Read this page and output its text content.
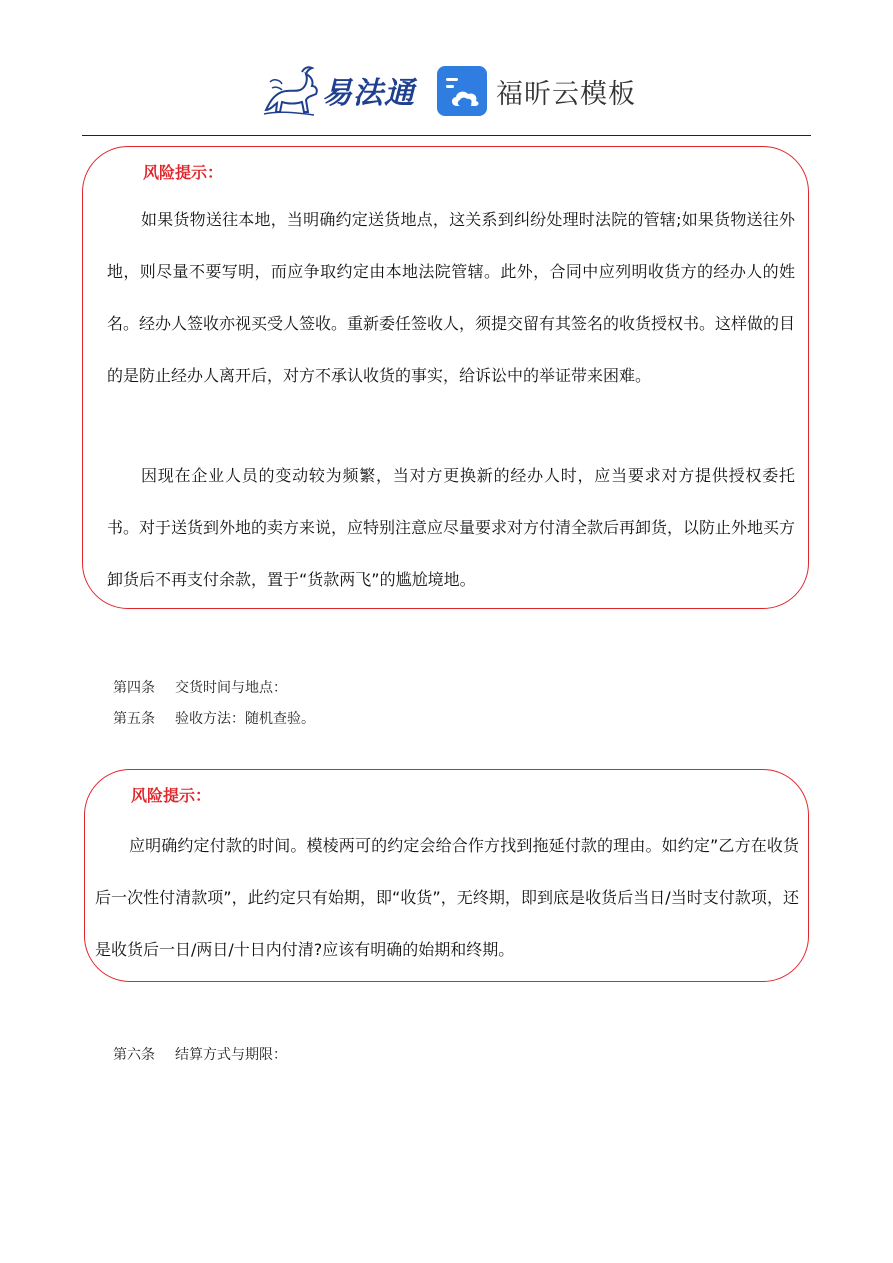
易法通	福昕云模板

风险提示：

如果货物送往本地，当明确约定送货地点，这关系到纠纷处理时法院的管辖;如果货物送往外地，则尽量不要写明，而应争取约定由本地法院管辖。此外，合同中应列明收货方的经办人的姓名。经办人签收亦视买受人签收。重新委任签收人，须提交留有其签名的收货授权书。这样做的目的是防止经办人离开后，对方不承认收货的事实，给诉讼中的举证带来困难。

因现在企业人员的变动较为频繁，当对方更换新的经办人时，应当要求对方提供授权委托书。对于送货到外地的卖方来说，应特别注意应尽量要求对方付清全款后再卸货，以防止外地买方卸货后不再支付余款，置于“货款两飞”的尴尬境地。

第四条 交货时间与地点：

第五条 验收方法：随机查验。

风险提示：

应明确约定付款的时间。模棱两可的约定会给合作方找到拖延付款的理由。如约定”乙方在收货后一次性付清款项”，此约定只有始期，即“收货”，无终期，即到底是收货后当日/当时支付款项，还是收货后一日/两日/十日内付清?应该有明确的始期和终期。

第六条 结算方式与期限：
